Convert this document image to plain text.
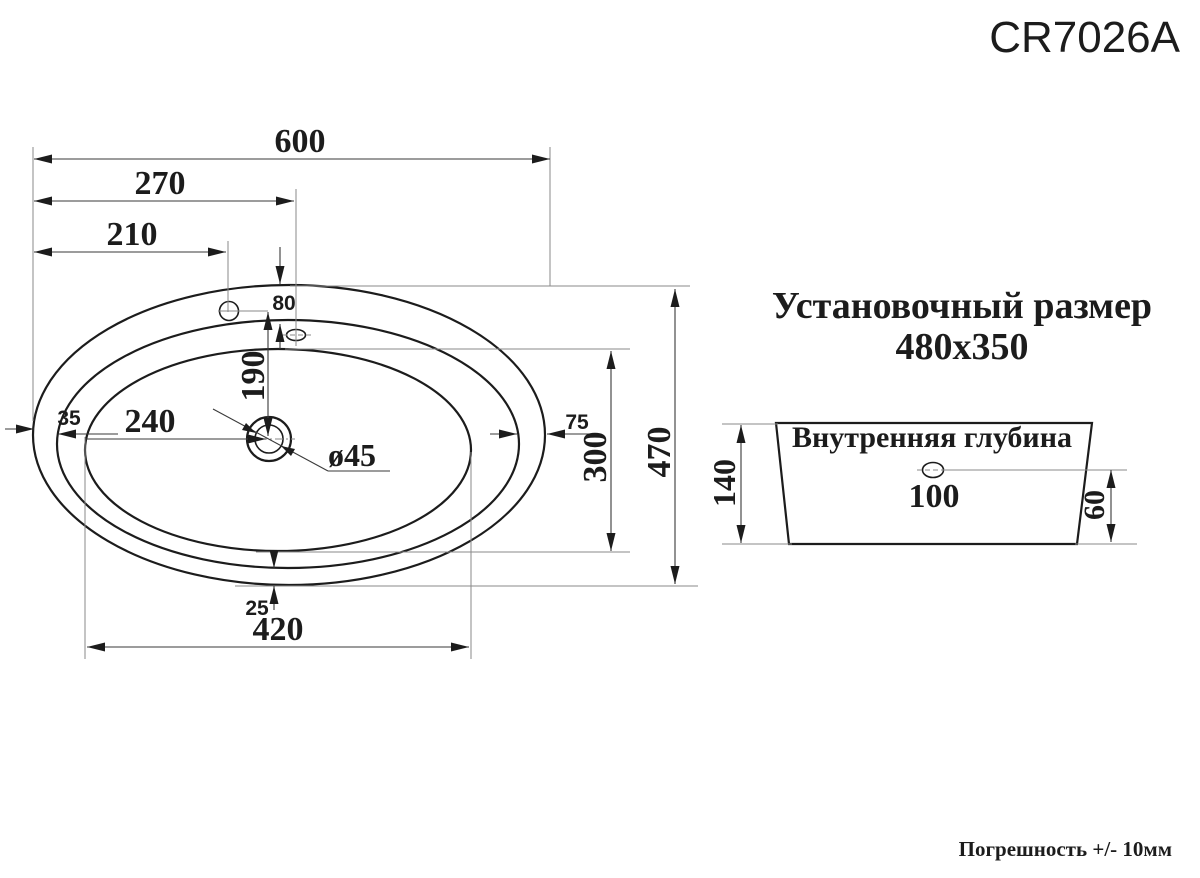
600
270
210
80
190
240
ø45
35	75
25
420
300 470
140	60
Внутренняя глубина
100
CR7026A
Установочный размер
480x350
Погрешность +/- 10мм
